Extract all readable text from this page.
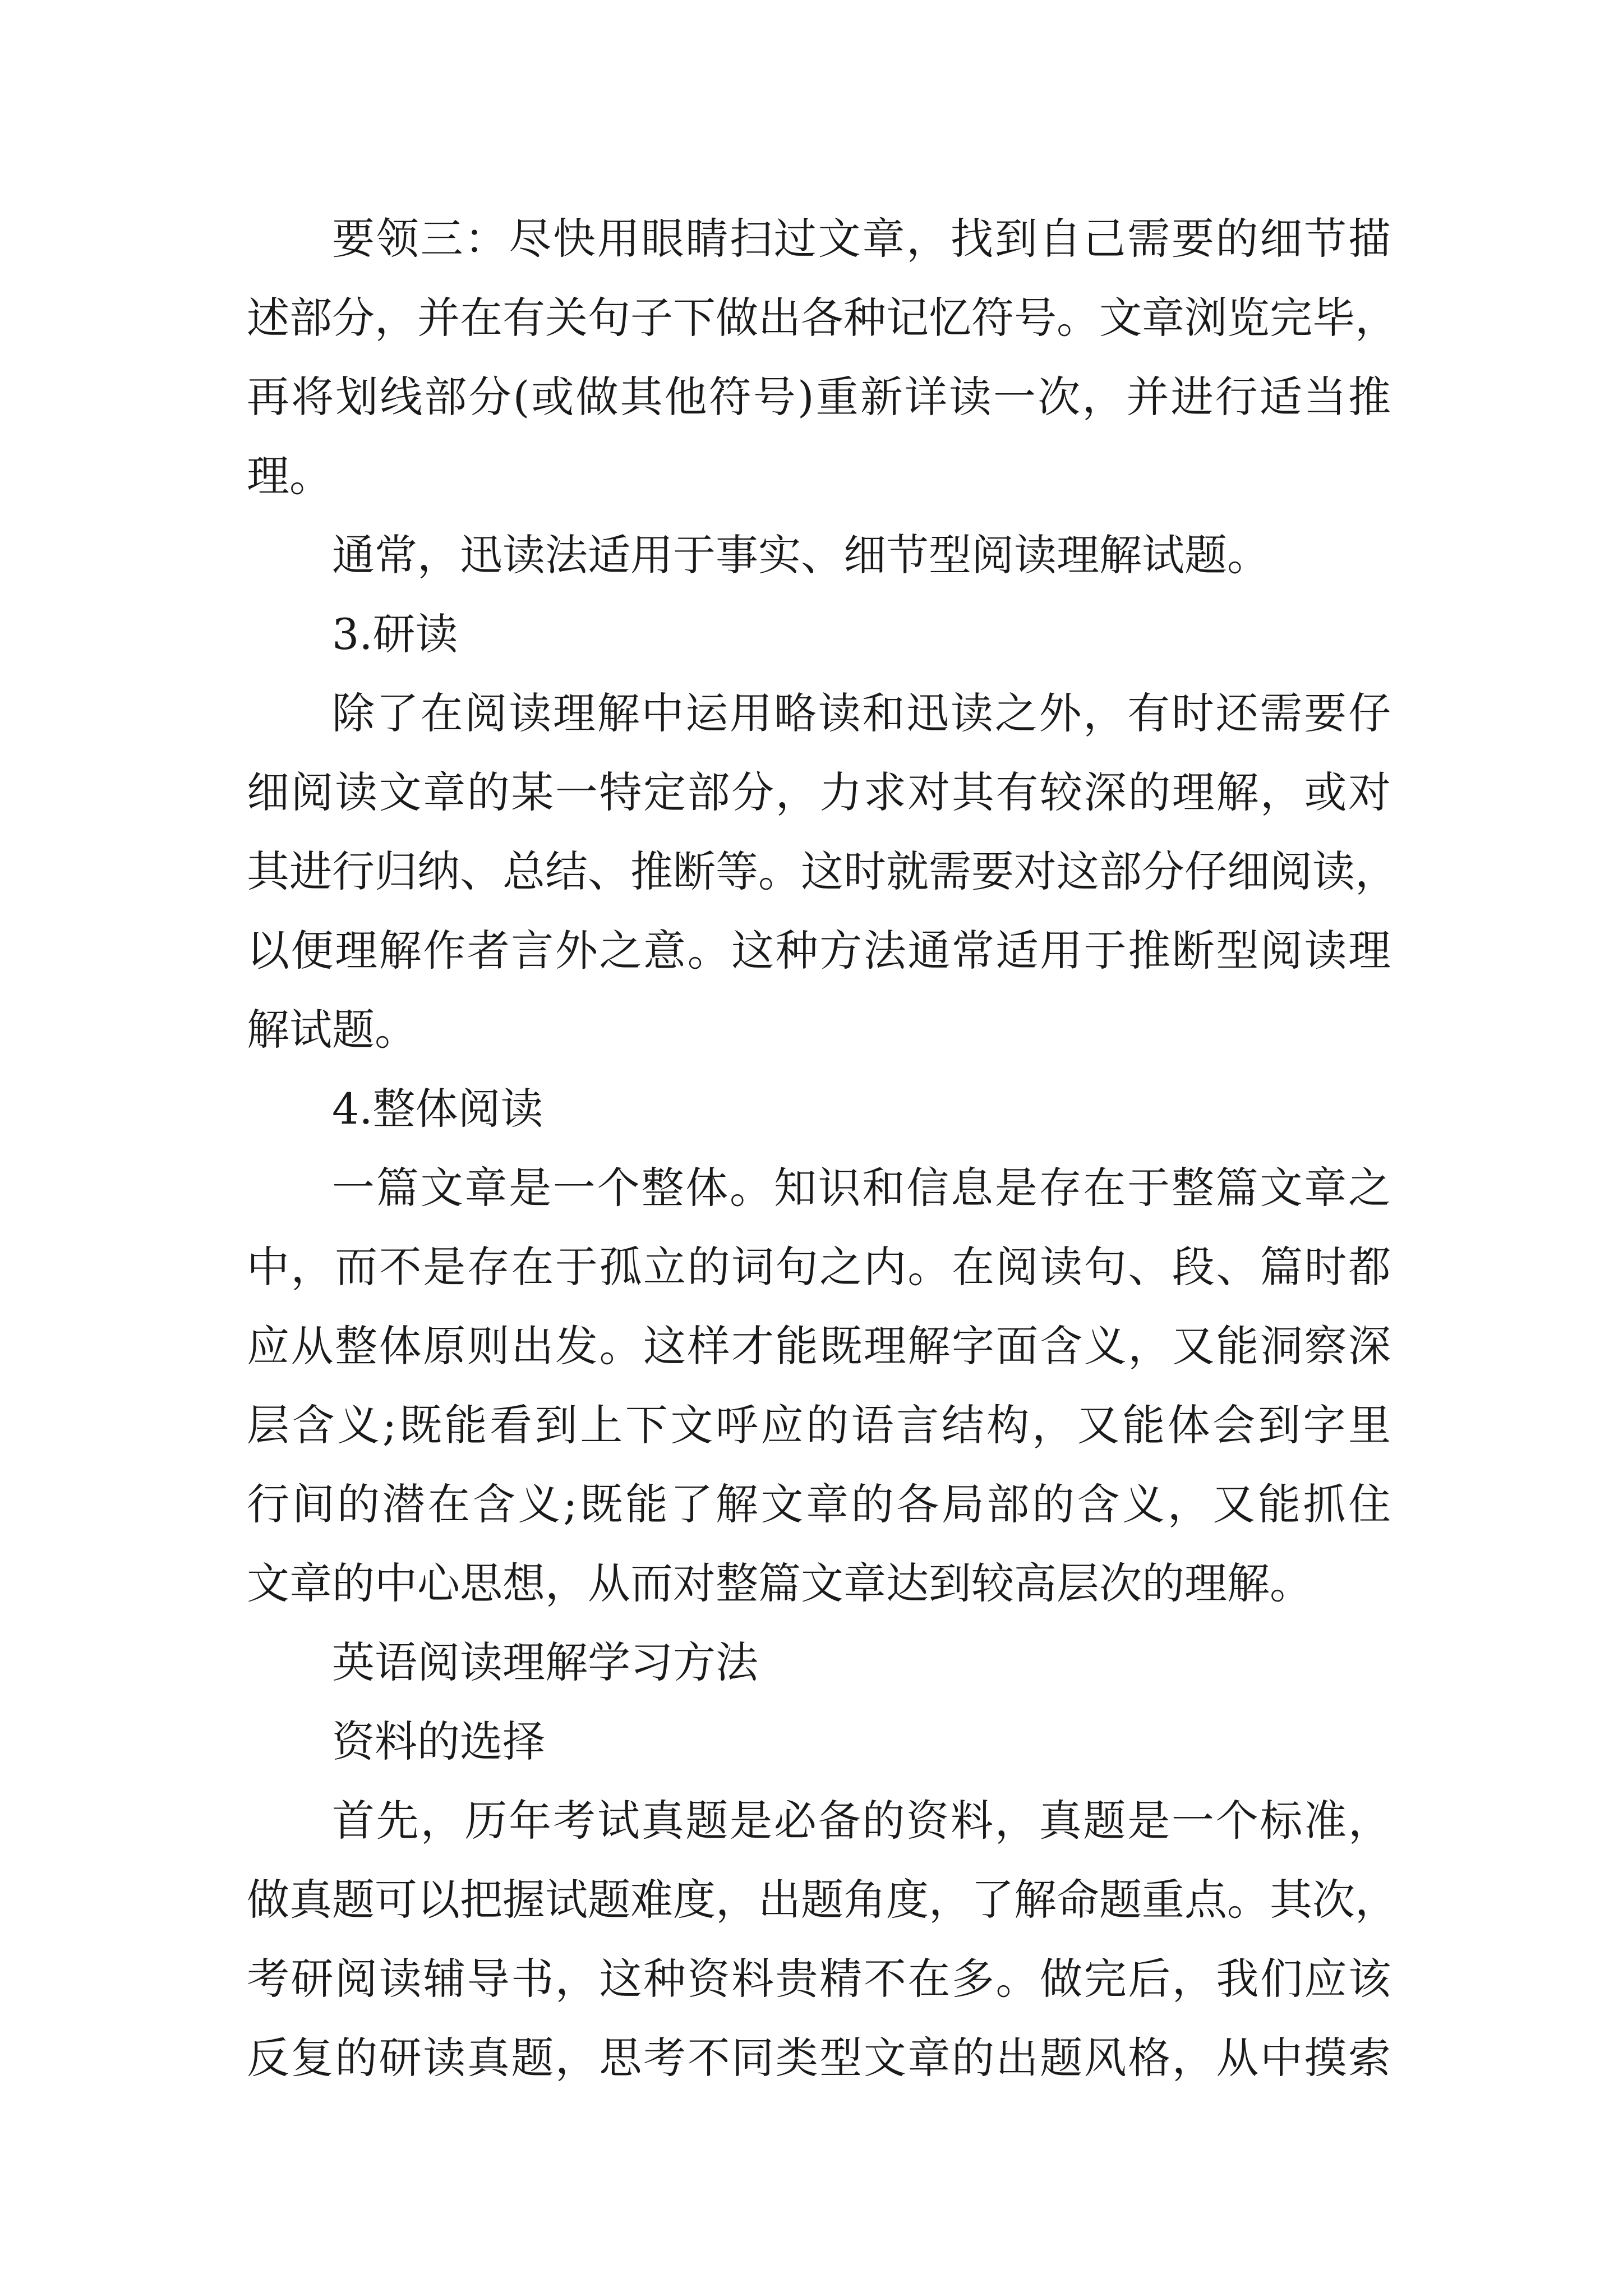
要领三：尽快用眼睛扫过文章，找到自己需要的细节描
述部分，并在有关句子下做出各种记忆符号。文章浏览完毕，
再将划线部分(或做其他符号)重新详读一次，并进行适当推
理。
通常，迅读法适用于事实、细节型阅读理解试题。
3.研读
除了在阅读理解中运用略读和迅读之外，有时还需要仔
细阅读文章的某一特定部分，力求对其有较深的理解，或对
其进行归纳、总结、推断等。这时就需要对这部分仔细阅读，
以便理解作者言外之意。这种方法通常适用于推断型阅读理
解试题。
4.整体阅读
一篇文章是一个整体。知识和信息是存在于整篇文章之
中，而不是存在于孤立的词句之内。在阅读句、段、篇时都
应从整体原则出发。这样才能既理解字面含义，又能洞察深
层含义;既能看到上下文呼应的语言结构，又能体会到字里
行间的潜在含义;既能了解文章的各局部的含义，又能抓住
文章的中心思想，从而对整篇文章达到较高层次的理解。
英语阅读理解学习方法
资料的选择
首先，历年考试真题是必备的资料，真题是一个标准，
做真题可以把握试题难度，出题角度，了解命题重点。其次，
考研阅读辅导书，这种资料贵精不在多。做完后，我们应该
反复的研读真题，思考不同类型文章的出题风格，从中摸索
